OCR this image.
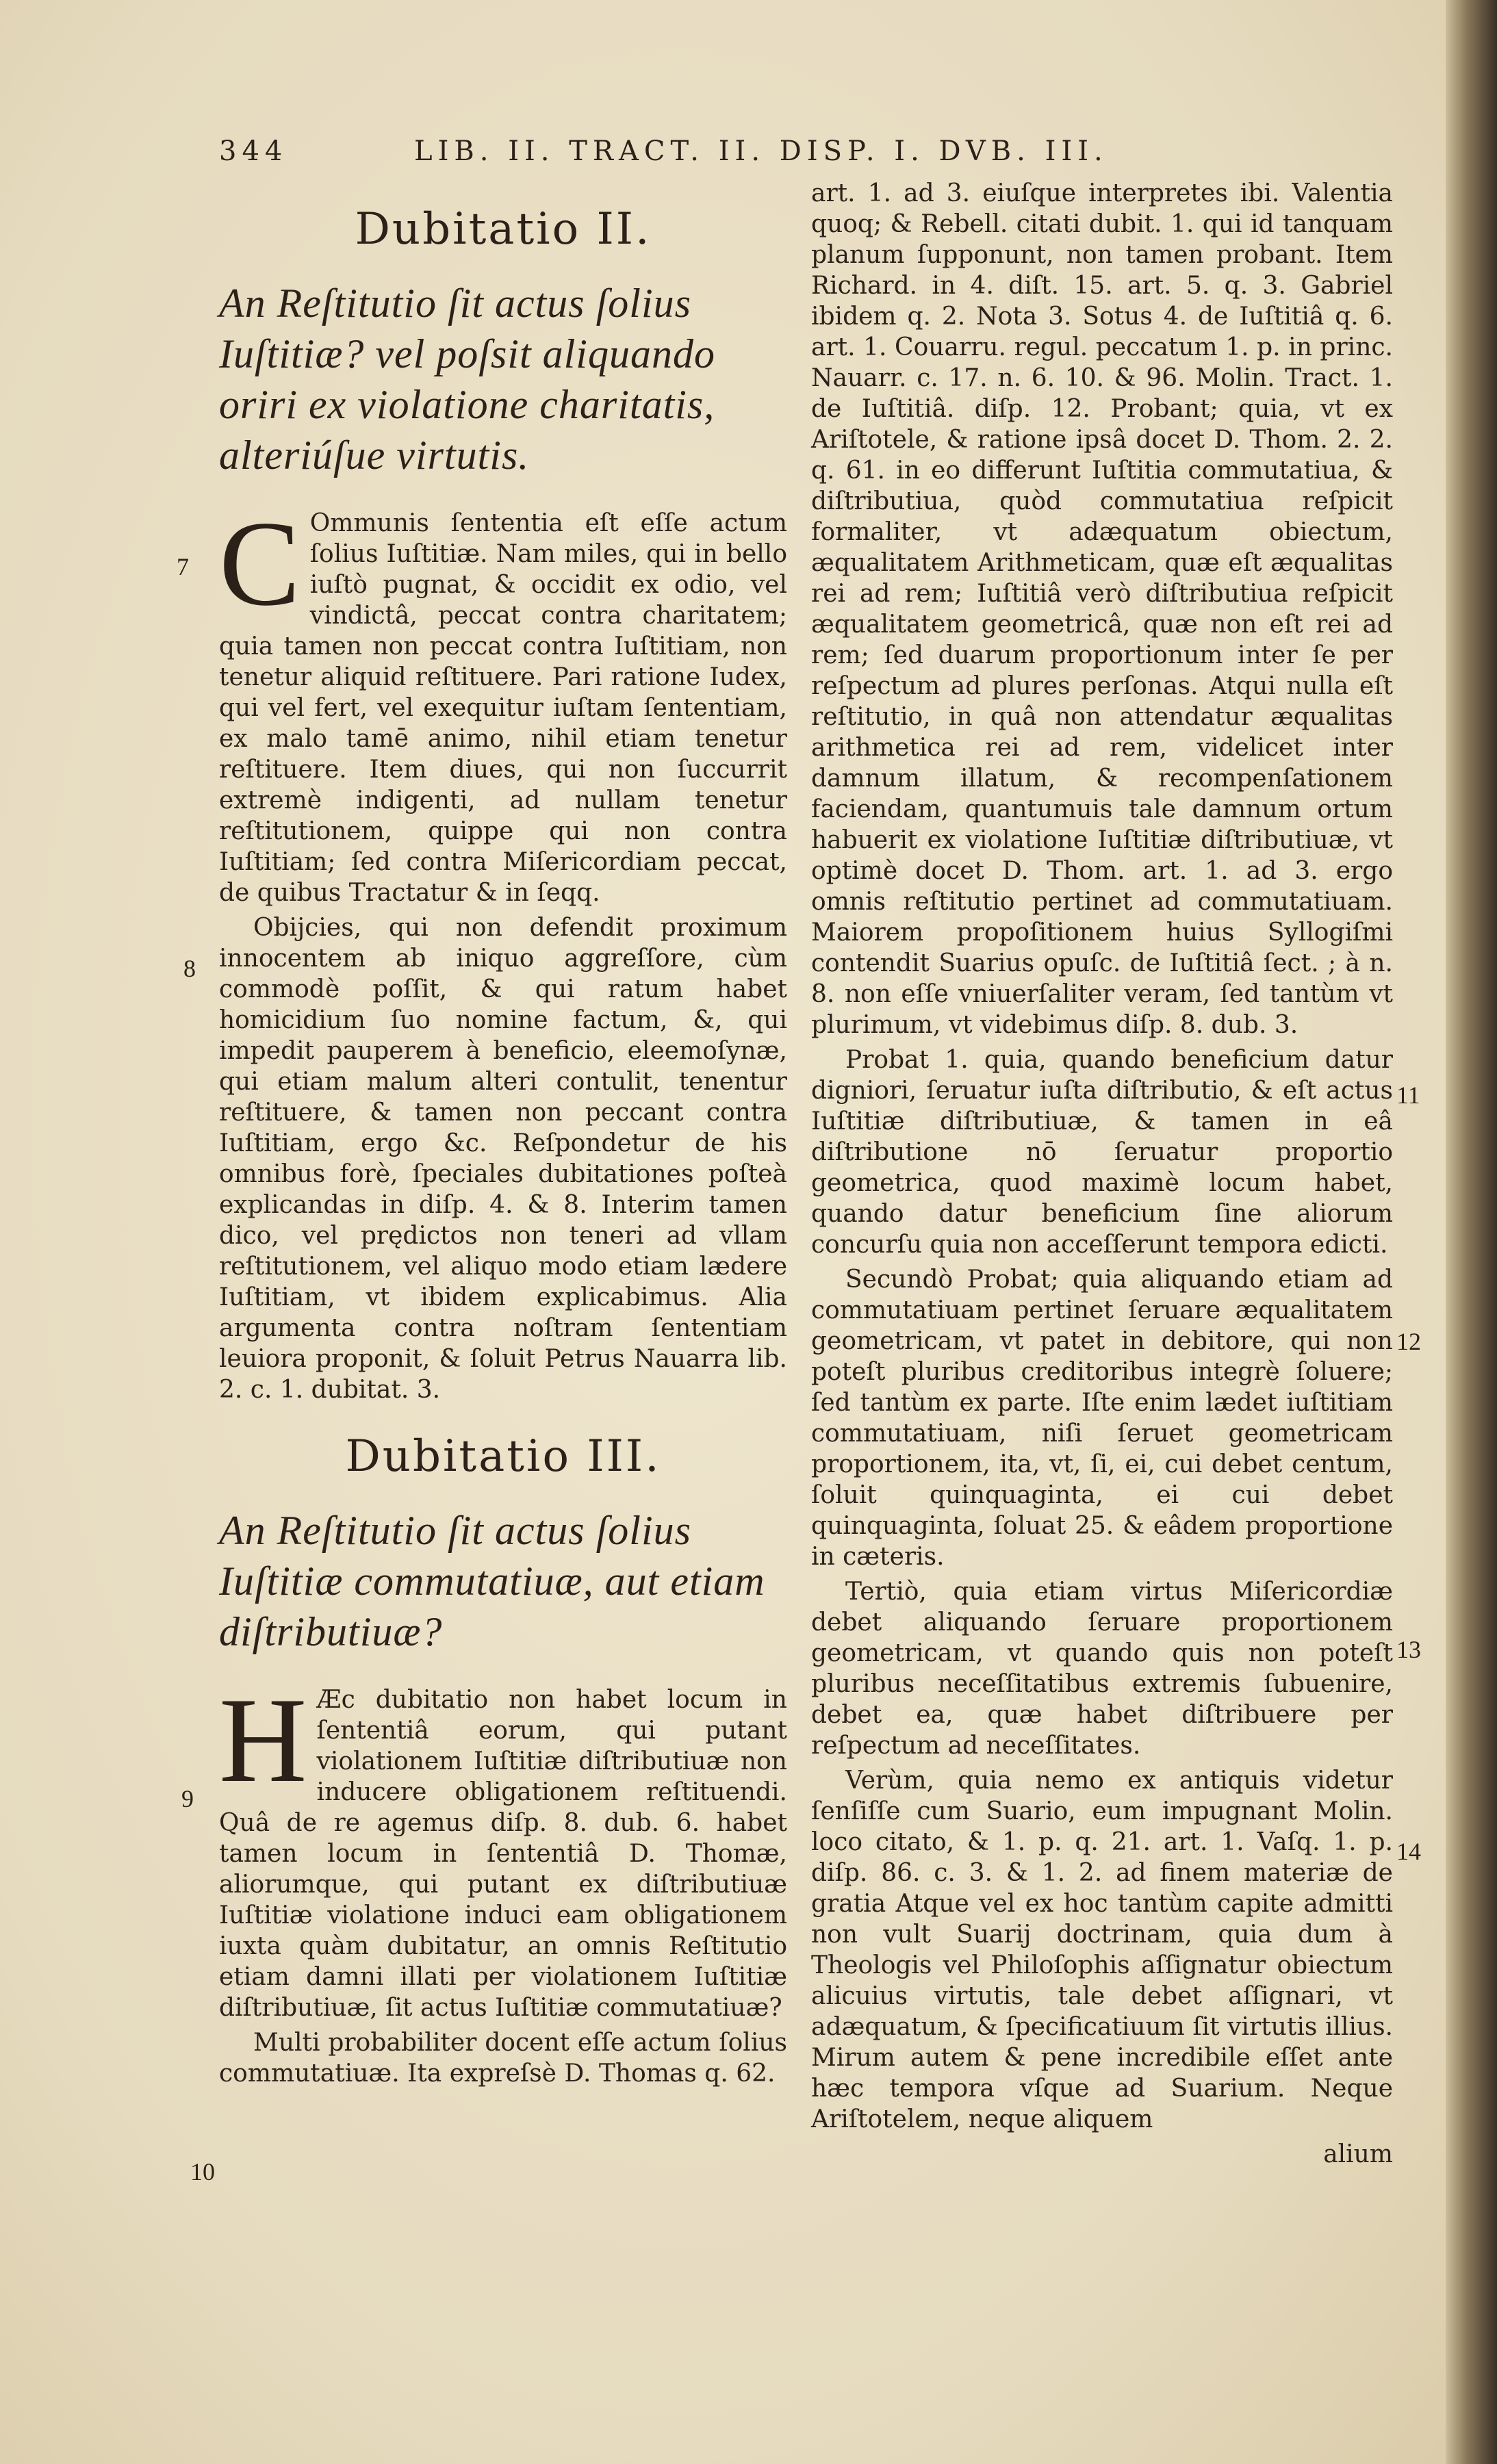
344	LIB. II. TRACT. II. DISP. I. DVB. III.
Dubitatio II.
An Reſtitutio ſit actus ſolius Iuſtitiæ? vel poſsit aliquando oriri ex violatione charitatis, alteriúſue virtutis.
C Ommunis ſententia eſt eſſe actum ſolius Iuſtitiæ. Nam miles, qui in bello iuſtò pugnat, & occidit ex odio, vel vindictâ, peccat contra charitatem; quia tamen non peccat contra Iuſtitiam, non tenetur aliquid reſtituere. Pari ratione Iudex, qui vel fert, vel exequitur iuſtam ſententiam, ex malo tamē animo, nihil etiam tenetur reſtituere. Item diues, qui non ſuccurrit extremè indigenti, ad nullam tenetur reſtitutionem, quippe qui non contra Iuſtitiam; ſed contra Miſericordiam peccat, de quibus Tractatur & in ſeqq.
Obijcies, qui non defendit proximum innocentem ab iniquo aggreſſore, cùm commodè poſſit, & qui ratum habet homicidium ſuo nomine factum, &, qui impedit pauperem à beneficio, eleemoſynæ, qui etiam malum alteri contulit, tenentur reſtituere, & tamen non peccant contra Iuſtitiam, ergo &c. Reſpondetur de his omnibus forè, ſpeciales dubitationes poſteà explicandas in diſp. 4. & 8. Interim tamen dico, vel prędictos non teneri ad vllam reſtitutionem, vel aliquo modo etiam lædere Iuſtitiam, vt ibidem explicabimus. Alia argumenta contra noſtram ſententiam leuiora proponit, & ſoluit Petrus Nauarra lib. 2. c. 1. dubitat. 3.
Dubitatio III.
An Reſtitutio ſit actus ſolius Iuſtitiæ commutatiuæ, aut etiam diſtributiuæ?
H Æc dubitatio non habet locum in ſententiâ eorum, qui putant violationem Iuſtitiæ diſtributiuæ non inducere obligationem reſtituendi. Quâ de re agemus diſp. 8. dub. 6. habet tamen locum in ſententiâ D. Thomæ, aliorumque, qui putant ex diſtributiuæ Iuſtitiæ violatione induci eam obligationem iuxta quàm dubitatur, an omnis Reſtitutio etiam damni illati per violationem Iuſtitiæ diſtributiuæ, ſit actus Iuſtitiæ commutatiuæ?
Multi probabiliter docent eſſe actum ſolius commutatiuæ. Ita expreſsè D. Thomas q. 62.
art. 1. ad 3. eiuſque interpretes ibi. Valentia quoq; & Rebell. citati dubit. 1. qui id tanquam planum ſupponunt, non tamen probant. Item Richard. in 4. diſt. 15. art. 5. q. 3. Gabriel ibidem q. 2. Nota 3. Sotus 4. de Iuſtitiâ q. 6. art. 1. Couarru. regul. peccatum 1. p. in princ. Nauarr. c. 17. n. 6. 10. & 96. Molin. Tract. 1. de Iuſtitiâ. diſp. 12. Probant; quia, vt ex Ariſtotele, & ratione ipsâ docet D. Thom. 2. 2. q. 61. in eo differunt Iuſtitia commutatiua, & diſtributiua, quòd commutatiua reſpicit formaliter, vt adæquatum obiectum, æqualitatem Arithmeticam, quæ eſt æqualitas rei ad rem; Iuſtitiâ verò diſtributiua reſpicit æqualitatem geometricâ, quæ non eſt rei ad rem; ſed duarum proportionum inter ſe per reſpectum ad plures perſonas. Atqui nulla eſt reſtitutio, in quâ non attendatur æqualitas arithmetica rei ad rem, videlicet inter damnum illatum, & recompenſationem faciendam, quantumuis tale damnum ortum habuerit ex violatione Iuſtitiæ diſtributiuæ, vt optimè docet D. Thom. art. 1. ad 3. ergo omnis reſtitutio pertinet ad commutatiuam. Maiorem propoſitionem huius Syllogiſmi contendit Suarius opuſc. de Iuſtitiâ ſect. ; à n. 8. non eſſe vniuerſaliter veram, ſed tantùm vt plurimum, vt videbimus diſp. 8. dub. 3.
Probat 1. quia, quando beneficium datur digniori, ſeruatur iuſta diſtributio, & eſt actus Iuſtitiæ diſtributiuæ, & tamen in eâ diſtributione nō ſeruatur proportio geometrica, quod maximè locum habet, quando datur beneficium ſine aliorum concurſu quia non acceſſerunt tempora edicti.
Secundò Probat; quia aliquando etiam ad commutatiuam pertinet ſeruare æqualitatem geometricam, vt patet in debitore, qui non poteſt pluribus creditoribus integrè ſoluere; ſed tantùm ex parte. Iſte enim lædet iuſtitiam commutatiuam, niſi ſeruet geometricam proportionem, ita, vt, ſi, ei, cui debet centum, ſoluit quinquaginta, ei cui debet quinquaginta, ſoluat 25. & eâdem proportione in cæteris.
Tertiò, quia etiam virtus Miſericordiæ debet aliquando ſeruare proportionem geometricam, vt quando quis non poteſt pluribus neceſſitatibus extremis ſubuenire, debet ea, quæ habet diſtribuere per reſpectum ad neceſſitates.
Verùm, quia nemo ex antiquis videtur ſenſiſſe cum Suario, eum impugnant Molin. loco citato, & 1. p. q. 21. art. 1. Vaſq. 1. p. diſp. 86. c. 3. & 1. 2. ad finem materiæ de gratia Atque vel ex hoc tantùm capite admitti non vult Suarij doctrinam, quia dum à Theologis vel Philoſophis aſſignatur obiectum alicuius virtutis, tale debet aſſignari, vt adæquatum, & ſpecificatiuum ſit virtutis illius. Mirum autem & pene incredibile eſſet ante hæc tempora vſque ad Suarium. Neque Ariſtotelem, neque aliquem
alium
7
8
9
10
11
12
13
14
